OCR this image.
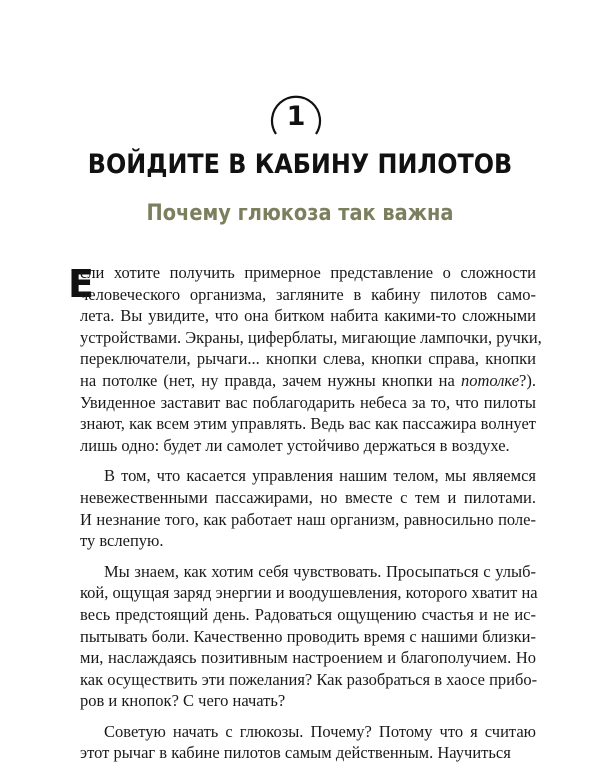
1
ВОЙДИТЕ В КАБИНУ ПИЛОТОВ
Почему глюкоза так важна
Е
сли хотите получить примерное представление о сложности
человеческого организма, загляните в кабину пилотов само-
лета. Вы увидите, что она битком набита какими-то сложными
устройствами. Экраны, циферблаты, мигающие лампочки, ручки,
переключатели, рычаги... кнопки слева, кнопки справа, кнопки
на потолке (нет, ну правда, зачем нужны кнопки на потолке?).
Увиденное заставит вас поблагодарить небеса за то, что пилоты
знают, как всем этим управлять. Ведь вас как пассажира волнует
лишь одно: будет ли самолет устойчиво держаться в воздухе.
В том, что касается управления нашим телом, мы являемся
невежественными пассажирами, но вместе с тем и пилотами.
И незнание того, как работает наш организм, равносильно поле-
ту вслепую.
Мы знаем, как хотим себя чувствовать. Просыпаться с улыб-
кой, ощущая заряд энергии и воодушевления, которого хватит на
весь предстоящий день. Радоваться ощущению счастья и не ис-
пытывать боли. Качественно проводить время с нашими близки-
ми, наслаждаясь позитивным настроением и благополучием. Но
как осуществить эти пожелания? Как разобраться в хаосе прибо-
ров и кнопок? С чего начать?
Советую начать с глюкозы. Почему? Потому что я считаю
этот рычаг в кабине пилотов самым действенным. Научиться
